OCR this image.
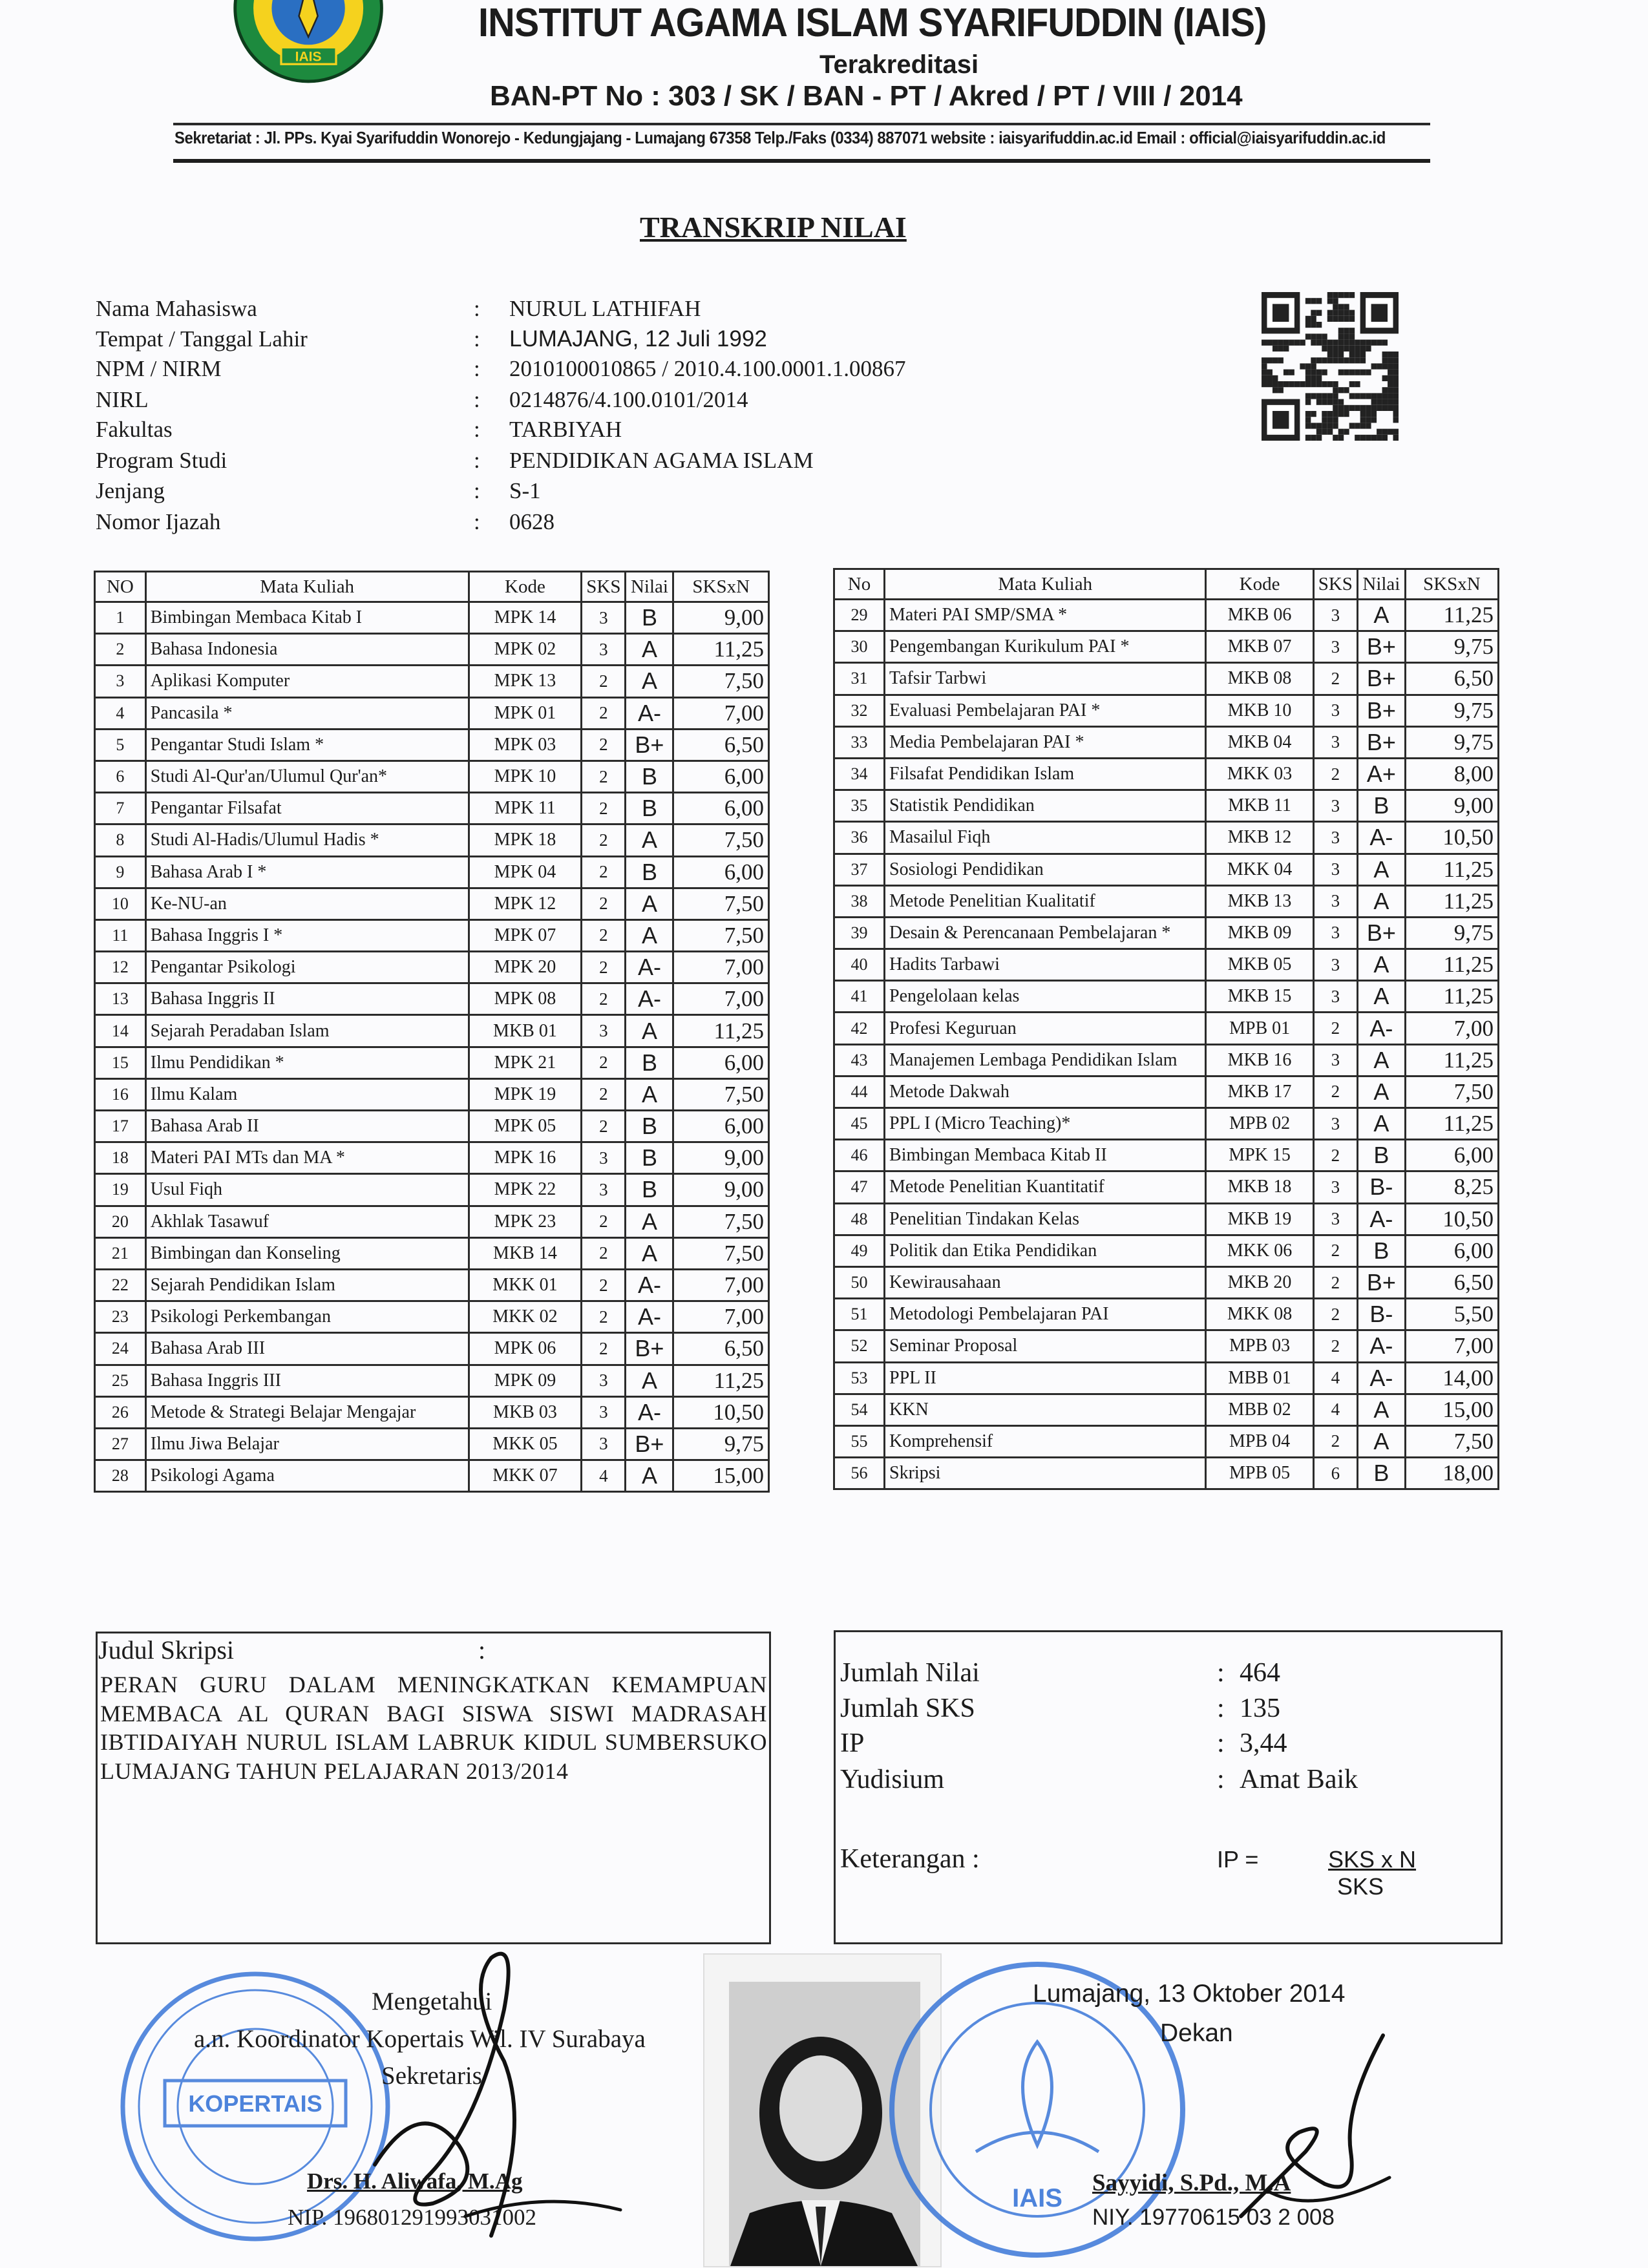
IAIS
INSTITUT AGAMA ISLAM SYARIFUDDIN (IAIS)
Terakreditasi
BAN-PT No : 303 / SK / BAN - PT / Akred / PT / VIII / 2014
Sekretariat : Jl. PPs. Kyai Syarifuddin Wonorejo - Kedungjajang - Lumajang 67358 Telp./Faks (0334) 887071 website : iaisyarifuddin.ac.id Email : official@iaisyarifuddin.ac.id
TRANSKRIP NILAI
Nama Mahasiswa	: NURUL LATHIFAH
Tempat / Tanggal Lahir	: LUMAJANG, 12 Juli 1992
NPM / NIRM	: 2010100010865 / 2010.4.100.0001.1.00867
NIRL	: 0214876/4.100.0101/2014
Fakultas	: TARBIYAH
Program Studi	: PENDIDIKAN AGAMA ISLAM
Jenjang	: S-1
Nomor Ijazah	: 0628
NO	Mata Kuliah	Kode	SKS	Nilai	SKSxN
1	Bimbingan Membaca Kitab I	MPK 14	3	B	9,00
2	Bahasa Indonesia	MPK 02	3	A	11,25
3	Aplikasi Komputer	MPK 13	2	A	7,50
4	Pancasila *	MPK 01	2	A-	7,00
5	Pengantar Studi Islam *	MPK 03	2	B+	6,50
6	Studi Al-Qur'an/Ulumul Qur'an*	MPK 10	2	B	6,00
7	Pengantar Filsafat	MPK 11	2	B	6,00
8	Studi Al-Hadis/Ulumul Hadis *	MPK 18	2	A	7,50
9	Bahasa Arab I *	MPK 04	2	B	6,00
10	Ke-NU-an	MPK 12	2	A	7,50
11	Bahasa Inggris I *	MPK 07	2	A	7,50
12	Pengantar Psikologi	MPK 20	2	A-	7,00
13	Bahasa Inggris II	MPK 08	2	A-	7,00
14	Sejarah Peradaban Islam	MKB 01	3	A	11,25
15	Ilmu Pendidikan *	MPK 21	2	B	6,00
16	Ilmu Kalam	MPK 19	2	A	7,50
17	Bahasa Arab II	MPK 05	2	B	6,00
18	Materi PAI MTs dan MA *	MPK 16	3	B	9,00
19	Usul Fiqh	MPK 22	3	B	9,00
20	Akhlak Tasawuf	MPK 23	2	A	7,50
21	Bimbingan dan Konseling	MKB 14	2	A	7,50
22	Sejarah Pendidikan Islam	MKK 01	2	A-	7,00
23	Psikologi Perkembangan	MKK 02	2	A-	7,00
24	Bahasa Arab III	MPK 06	2	B+	6,50
25	Bahasa Inggris III	MPK 09	3	A	11,25
26	Metode & Strategi Belajar Mengajar	MKB 03	3	A-	10,50
27	Ilmu Jiwa Belajar	MKK 05	3	B+	9,75
28	Psikologi Agama	MKK 07	4	A	15,00
No	Mata Kuliah	Kode	SKS	Nilai	SKSxN
29	Materi PAI SMP/SMA *	MKB 06	3	A	11,25
30	Pengembangan Kurikulum PAI *	MKB 07	3	B+	9,75
31	Tafsir Tarbwi	MKB 08	2	B+	6,50
32	Evaluasi Pembelajaran PAI *	MKB 10	3	B+	9,75
33	Media Pembelajaran PAI *	MKB 04	3	B+	9,75
34	Filsafat Pendidikan Islam	MKK 03	2	A+	8,00
35	Statistik Pendidikan	MKB 11	3	B	9,00
36	Masailul Fiqh	MKB 12	3	A-	10,50
37	Sosiologi Pendidikan	MKK 04	3	A	11,25
38	Metode Penelitian Kualitatif	MKB 13	3	A	11,25
39	Desain & Perencanaan Pembelajaran *	MKB 09	3	B+	9,75
40	Hadits Tarbawi	MKB 05	3	A	11,25
41	Pengelolaan kelas	MKB 15	3	A	11,25
42	Profesi Keguruan	MPB 01	2	A-	7,00
43	Manajemen Lembaga Pendidikan Islam	MKB 16	3	A	11,25
44	Metode Dakwah	MKB 17	2	A	7,50
45	PPL I (Micro Teaching)*	MPB 02	3	A	11,25
46	Bimbingan Membaca Kitab II	MPK 15	2	B	6,00
47	Metode Penelitian Kuantitatif	MKB 18	3	B-	8,25
48	Penelitian Tindakan Kelas	MKB 19	3	A-	10,50
49	Politik dan Etika Pendidikan	MKK 06	2	B	6,00
50	Kewirausahaan	MKB 20	2	B+	6,50
51	Metodologi Pembelajaran PAI	MKK 08	2	B-	5,50
52	Seminar Proposal	MPB 03	2	A-	7,00
53	PPL II	MBB 01	4	A-	14,00
54	KKN	MBB 02	4	A	15,00
55	Komprehensif	MPB 04	2	A	7,50
56	Skripsi	MPB 05	6	B	18,00
Judul Skripsi	:
PERAN GURU DALAM MENINGKATKAN KEMAMPUAN MEMBACA AL QURAN BAGI SISWA SISWI MADRASAH IBTIDAIYAH NURUL ISLAM LABRUK KIDUL SUMBERSUKO LUMAJANG TAHUN PELAJARAN 2013/2014
Jumlah Nilai	: 464
Jumlah SKS	: 135
IP	: 3,44
Yudisium	: Amat Baik
Keterangan :	IP =	SKS x N
SKS
KOPERTAIS
IAIS
Mengetahui
a.n. Koordinator Kopertais Wil. IV Surabaya
Sekretaris
Drs. H. Aliwafa, M.Ag
NIP. 196801291993031002
Lumajang, 13 Oktober 2014
Dekan
Sayyidi, S.Pd., M.A
NIY. 19770615 03 2 008
